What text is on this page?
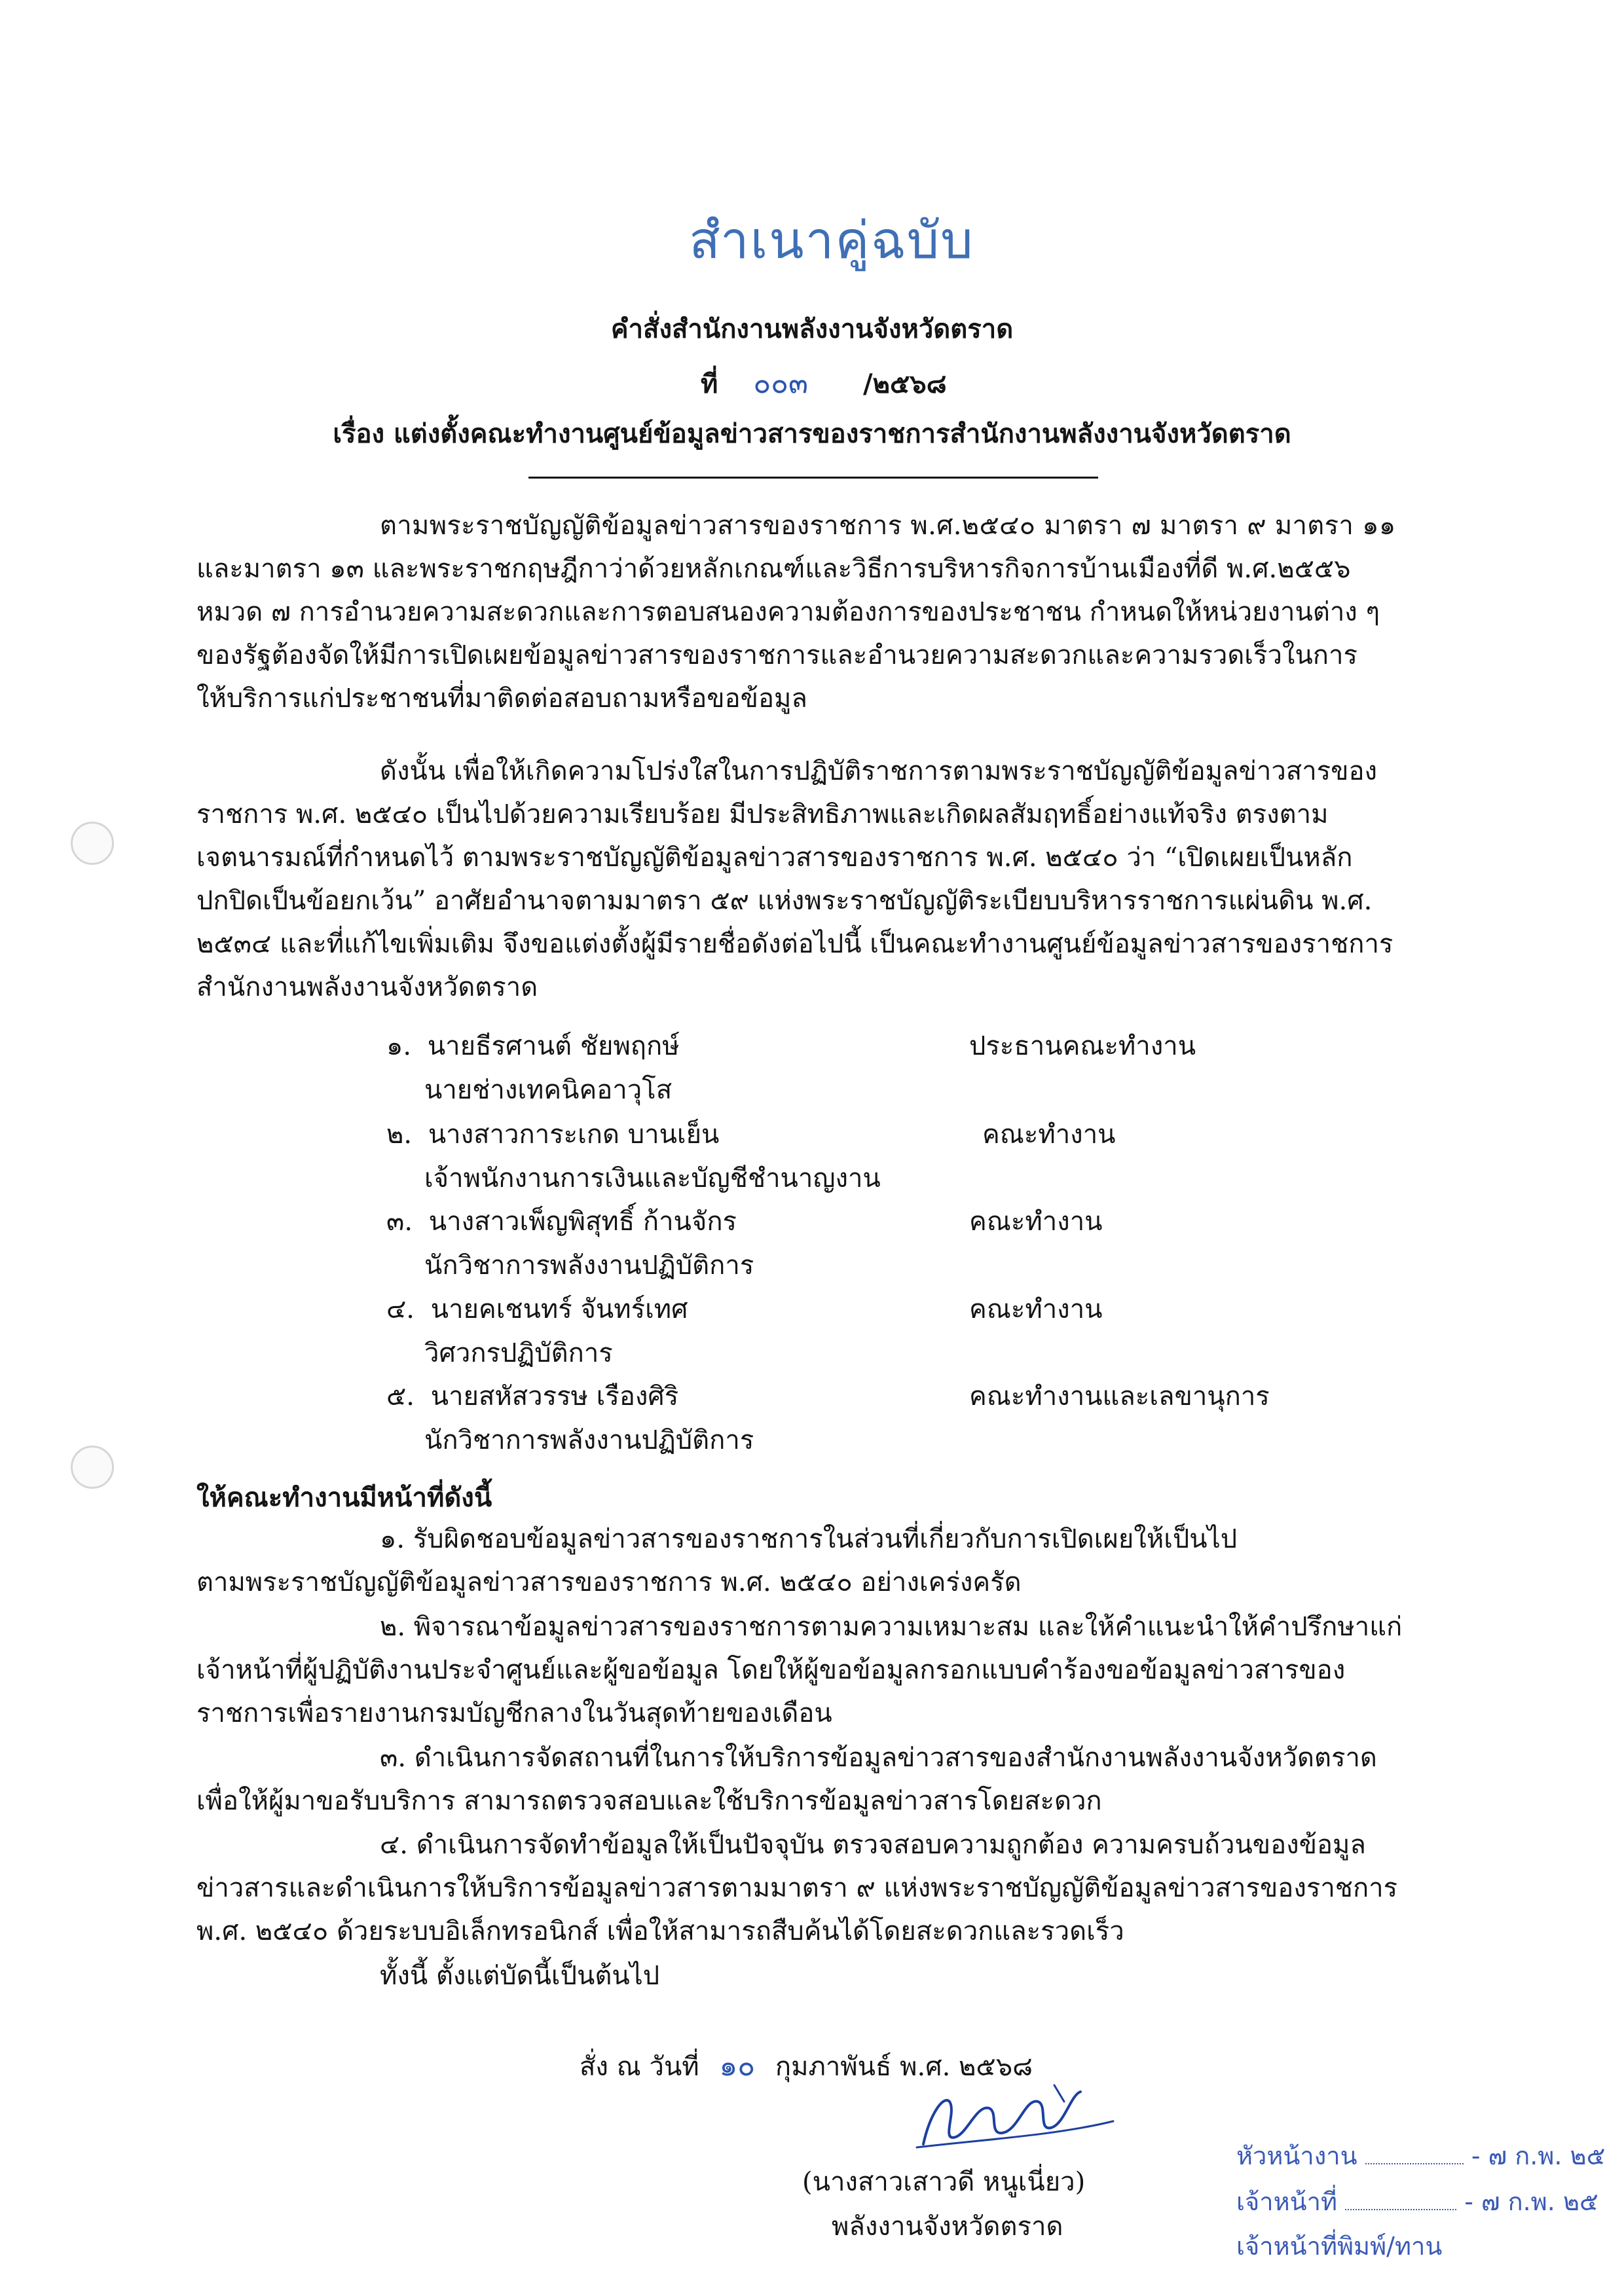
สำเนาคู่ฉบับ
คำสั่งสำนักงานพลังงานจังหวัดตราด
ที่ ๐๐๓ /๒๕๖๘
เรื่อง แต่งตั้งคณะทำงานศูนย์ข้อมูลข่าวสารของราชการสำนักงานพลังงานจังหวัดตราด
ตามพระราชบัญญัติข้อมูลข่าวสารของราชการ พ.ศ.๒๕๔๐ มาตรา ๗ มาตรา ๙ มาตรา ๑๑
และมาตรา ๑๓ และพระราชกฤษฎีกาว่าด้วยหลักเกณฑ์และวิธีการบริหารกิจการบ้านเมืองที่ดี พ.ศ.๒๕๕๖
หมวด ๗ การอำนวยความสะดวกและการตอบสนองความต้องการของประชาชน กำหนดให้หน่วยงานต่าง ๆ
ของรัฐต้องจัดให้มีการเปิดเผยข้อมูลข่าวสารของราชการและอำนวยความสะดวกและความรวดเร็วในการ
ให้บริการแก่ประชาชนที่มาติดต่อสอบถามหรือขอข้อมูล
ดังนั้น เพื่อให้เกิดความโปร่งใสในการปฏิบัติราชการตามพระราชบัญญัติข้อมูลข่าวสารของ
ราชการ พ.ศ. ๒๕๔๐ เป็นไปด้วยความเรียบร้อย มีประสิทธิภาพและเกิดผลสัมฤทธิ์อย่างแท้จริง ตรงตาม
เจตนารมณ์ที่กำหนดไว้ ตามพระราชบัญญัติข้อมูลข่าวสารของราชการ พ.ศ. ๒๕๔๐ ว่า “เปิดเผยเป็นหลัก
ปกปิดเป็นข้อยกเว้น” อาศัยอำนาจตามมาตรา ๕๙ แห่งพระราชบัญญัติระเบียบบริหารราชการแผ่นดิน พ.ศ.
๒๕๓๔ และที่แก้ไขเพิ่มเติม จึงขอแต่งตั้งผู้มีรายชื่อดังต่อไปนี้ เป็นคณะทำงานศูนย์ข้อมูลข่าวสารของราชการ
สำนักงานพลังงานจังหวัดตราด
๑. นายธีรศานต์ ชัยพฤกษ์	ประธานคณะทำงาน
นายช่างเทคนิคอาวุโส
๒. นางสาวการะเกด บานเย็น	คณะทำงาน
เจ้าพนักงานการเงินและบัญชีชำนาญงาน
๓. นางสาวเพ็ญพิสุทธิ์ ก้านจักร	คณะทำงาน
นักวิชาการพลังงานปฏิบัติการ
๔. นายคเชนทร์ จันทร์เทศ	คณะทำงาน
วิศวกรปฏิบัติการ
๕. นายสหัสวรรษ เรืองศิริ	คณะทำงานและเลขานุการ
นักวิชาการพลังงานปฏิบัติการ
ให้คณะทำงานมีหน้าที่ดังนี้
๑. รับผิดชอบข้อมูลข่าวสารของราชการในส่วนที่เกี่ยวกับการเปิดเผยให้เป็นไป
ตามพระราชบัญญัติข้อมูลข่าวสารของราชการ พ.ศ. ๒๕๔๐ อย่างเคร่งครัด
๒. พิจารณาข้อมูลข่าวสารของราชการตามความเหมาะสม และให้คำแนะนำให้คำปรึกษาแก่
เจ้าหน้าที่ผู้ปฏิบัติงานประจำศูนย์และผู้ขอข้อมูล โดยให้ผู้ขอข้อมูลกรอกแบบคำร้องขอข้อมูลข่าวสารของ
ราชการเพื่อรายงานกรมบัญชีกลางในวันสุดท้ายของเดือน
๓. ดำเนินการจัดสถานที่ในการให้บริการข้อมูลข่าวสารของสำนักงานพลังงานจังหวัดตราด
เพื่อให้ผู้มาขอรับบริการ สามารถตรวจสอบและใช้บริการข้อมูลข่าวสารโดยสะดวก
๔. ดำเนินการจัดทำข้อมูลให้เป็นปัจจุบัน ตรวจสอบความถูกต้อง ความครบถ้วนของข้อมูล
ข่าวสารและดำเนินการให้บริการข้อมูลข่าวสารตามมาตรา ๙ แห่งพระราชบัญญัติข้อมูลข่าวสารของราชการ
พ.ศ. ๒๕๔๐ ด้วยระบบอิเล็กทรอนิกส์ เพื่อให้สามารถสืบค้นได้โดยสะดวกและรวดเร็ว
ทั้งนี้ ตั้งแต่บัดนี้เป็นต้นไป
สั่ง ณ วันที่ ๑๐ กุมภาพันธ์ พ.ศ. ๒๕๖๘
(นางสาวเสาวดี หนูเนี่ยว)
พลังงานจังหวัดตราด
หัวหน้างาน	- ๗ ก.พ. ๒๕
เจ้าหน้าที่	- ๗ ก.พ. ๒๕
เจ้าหน้าที่พิมพ์/ทาน
